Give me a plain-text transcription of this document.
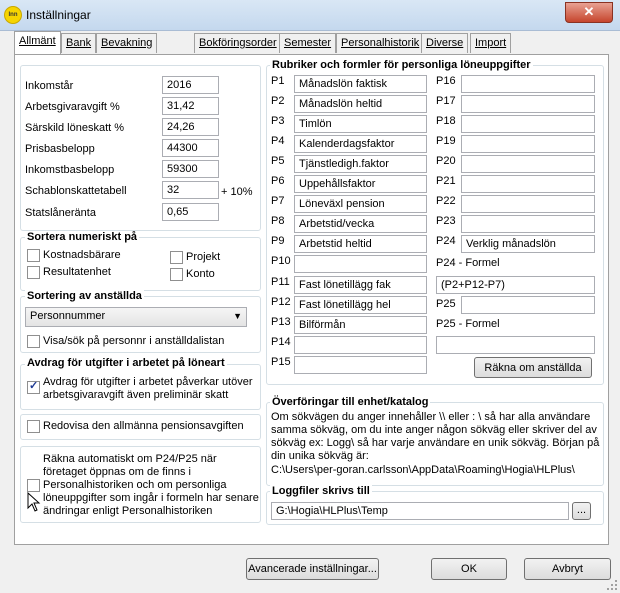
Inn Inställningar	✕
Allmänt Bank Bevakning	Bokföringsorder Semester Personalhistorik Diverse	Import
Inkomstår	2016
Arbetsgivaravgift %	31,42
Särskild löneskatt %	24,26
Prisbasbelopp	44300
Inkomstbasbelopp	59300
Schablonskattetabell	32	+ 10%
Statslåneränta	0,65
Sortera numeriskt på
Kostnadsbärare
Resultatenhet
Projekt
Konto
Sortering av anställda
Personnummer	▼
Visa/sök på personnr i anställdalistan
Avdrag för utgifter i arbetet på löneart
✓
Avdrag för utgifter i arbetet påverkar utöver
arbetsgivaravgift även preliminär skatt
Redovisa den allmänna pensionsavgiften
Räkna automatiskt om P24/P25 när
företaget öppnas om de finns i
Personalhistoriken och om personliga
löneuppgifter som ingår i formeln har senare
ändringar enligt Personalhistoriken
Rubriker och formler för personliga löneuppgifter
P1	Månadslön faktisk
P2	Månadslön heltid
P3	Timlön
P4	Kalenderdagsfaktor
P5	Tjänstledigh.faktor
P6	Uppehållsfaktor
P7	Löneväxl pension
P8	Arbetstid/vecka
P9	Arbetstid heltid
P10
P11 Fast lönetillägg fak
P12 Fast lönetillägg hel
P13 Bilförmån
P14
P15
P16
P17
P18
P19
P20
P21
P22
P23
P24 Verklig månadslön
P24 - Formel
(P2+P12-P7)
P25
P25 - Formel
Räkna om anställda
Överföringar till enhet/katalog
Om sökvägen du anger innehåller \\ eller : \ så har alla användare
samma sökväg, om du inte anger någon sökväg eller skriver del av
sökväg ex: Logg\ så har varje användare en unik sökväg. Början på
din unika sökväg är:
C:\Users\per-goran.carlsson\AppData\Roaming\Hogia\HLPlus\
Loggfiler skrivs till
G:\Hogia\HLPlus\Temp	...
Avancerade inställningar...	OK	Avbryt
